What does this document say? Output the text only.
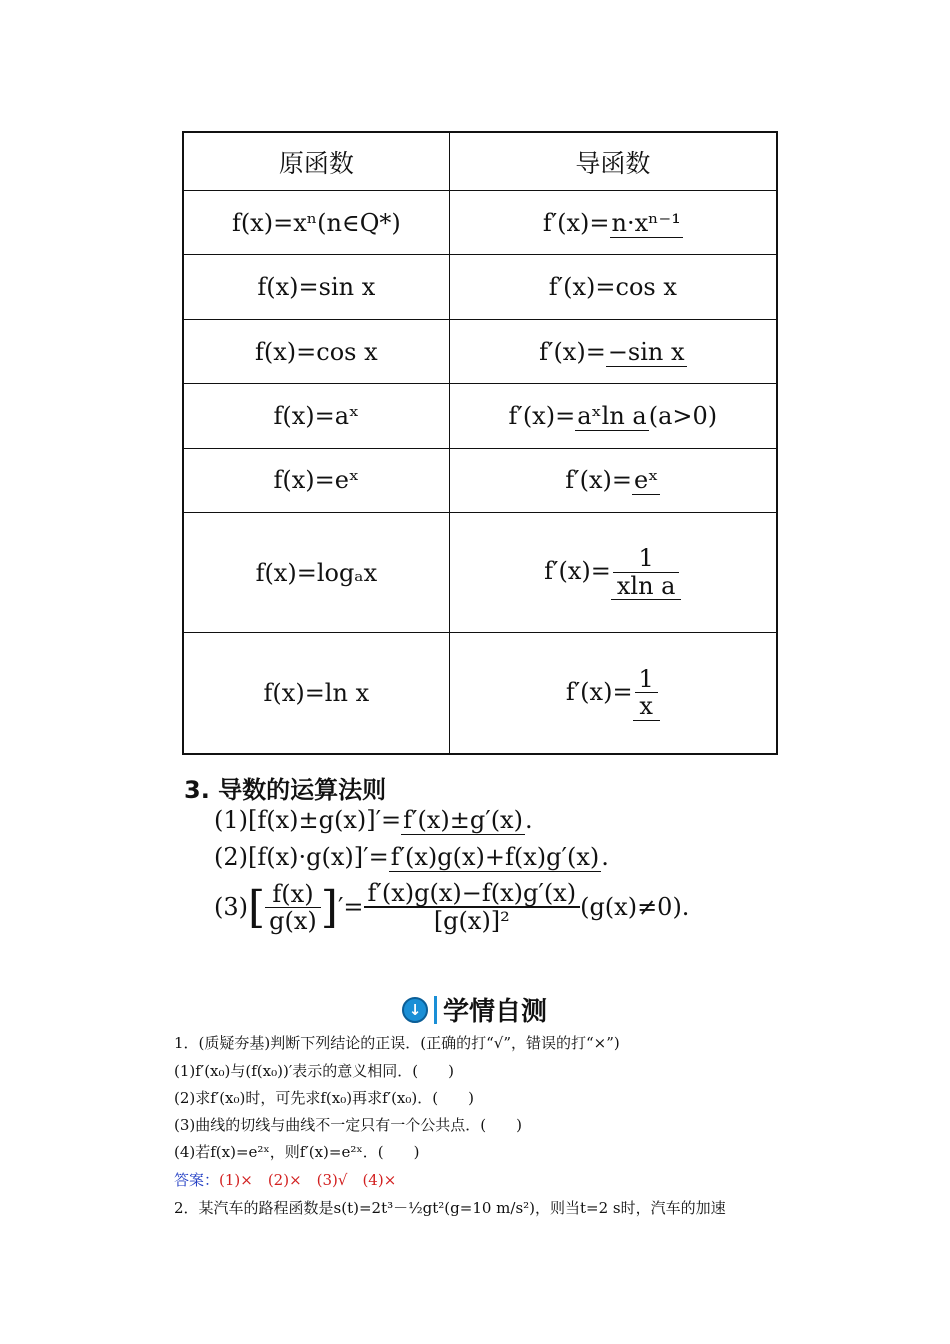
原函数	导函数
f(x)=xⁿ(n∈Q*)	f′(x)=n·xⁿ⁻¹
f(x)=sin x	f′(x)=cos x
f(x)=cos x	f′(x)=−sin x
f(x)=aˣ	f′(x)=aˣln a(a>0)
f(x)=eˣ	f′(x)=eˣ
f(x)=logₐx	$f'(x)= \frac{1}{\text{xln a}}$

f(x)=ln x	$f'(x)= \frac{1}{x}$
3. 导数的运算法则
(1)[f(x)±g(x)]′=f′(x)±g′(x).
(2)[f(x)·g(x)]′=f′(x)g(x)+f(x)g′(x).
(3) [ $\frac{f(x)}{g(x)}$ ] ′= $\frac{f'(x)g(x)-f(x)g'(x)}{\text{[g(x)]²}} (g(x)\ne 0)$.
↓ 学情自测
1．(质疑夯基)判断下列结论的正误．(正确的打“√”，错误的打“×”)
(1)f′(x₀)与(f(x₀))′表示的意义相同．(　　)
(2)求f′(x₀)时，可先求f(x₀)再求f′(x₀)．(　　)
(3)曲线的切线与曲线不一定只有一个公共点．(　　)
(4)若f(x)=e²ˣ，则f′(x)=e²ˣ．(　　)
答案：(1)×　(2)×　(3)√　(4)×
2．某汽车的路程函数是s(t)=2t³－½gt²(g=10 m/s²)，则当t=2 s时，汽车的加速
